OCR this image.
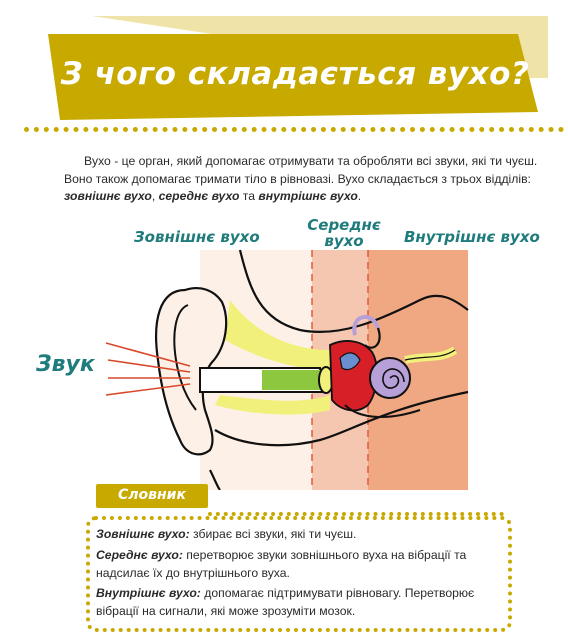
З чого складається вухо?
Вухо - це орган, який допомагає отримувати та обробляти всі звуки, які ти чуєш. Воно також допомагає тримати тіло в рівновазі. Вухо складається з трьох відділів: зовнішнє вухо, середнє вухо та внутрішнє вухо.
Зовнішнє вухо
Середнє
вухо	Внутрішнє вухо
Звук
Словник
Зовнішнє вухо: збирає всі звуки, які ти чуєш.
Середнє вухо: перетворює звуки зовнішнього вуха на вібрації та надсилає їх до внутрішнього вуха.
Внутрішнє вухо: допомагає підтримувати рівновагу. Перетворює вібрації на сигнали, які може зрозуміти мозок.
